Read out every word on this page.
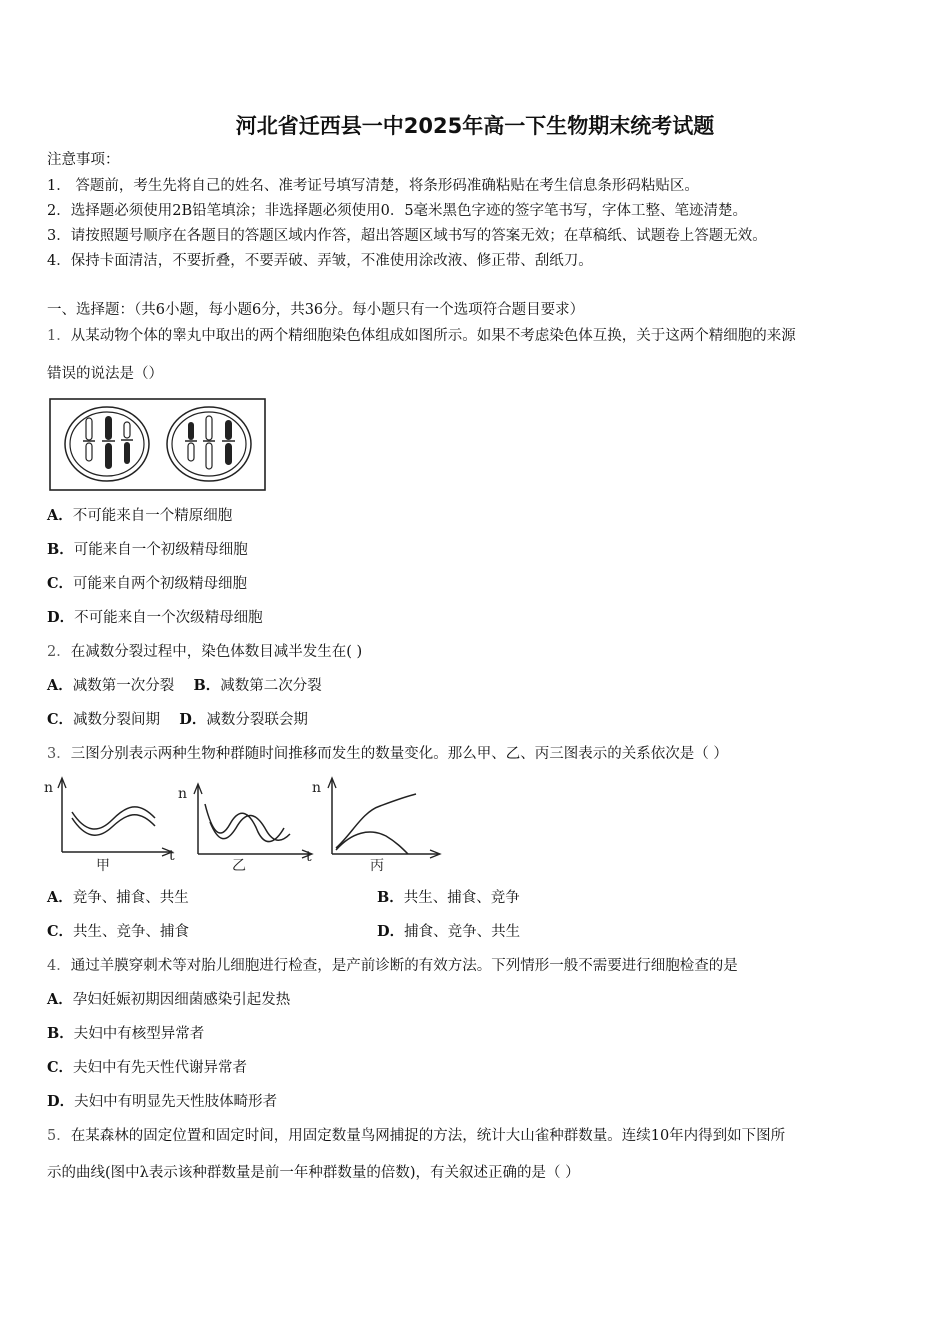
河北省迁西县一中2025年高一下生物期末统考试题
注意事项：
1． 答题前，考生先将自己的姓名、准考证号填写清楚，将条形码准确粘贴在考生信息条形码粘贴区。
2．选择题必须使用2B铅笔填涂；非选择题必须使用0．5毫米黑色字迹的签字笔书写，字体工整、笔迹清楚。
3．请按照题号顺序在各题目的答题区域内作答，超出答题区域书写的答案无效；在草稿纸、试题卷上答题无效。
4．保持卡面清洁，不要折叠，不要弄破、弄皱，不准使用涂改液、修正带、刮纸刀。
一、选择题：（共6小题，每小题6分，共36分。每小题只有一个选项符合题目要求）
1．从某动物个体的睾丸中取出的两个精细胞染色体组成如图所示。如果不考虑染色体互换，关于这两个精细胞的来源
错误的说法是（）
A．不可能来自一个精原细胞
B．可能来自一个初级精母细胞
C．可能来自两个初级精母细胞
D．不可能来自一个次级精母细胞
2．在减数分裂过程中，染色体数目减半发生在( )
A．减数第一次分裂 B．减数第二次分裂
C．减数分裂间期 D．减数分裂联会期
3．三图分别表示两种生物种群随时间推移而发生的数量变化。那么甲、乙、丙三图表示的关系依次是（ ）
n
t
甲
n
t
乙
n
丙
A．竞争、捕食、共生	B．共生、捕食、竞争
C．共生、竞争、捕食	D．捕食、竞争、共生
4．通过羊膜穿刺术等对胎儿细胞进行检查，是产前诊断的有效方法。下列情形一般不需要进行细胞检查的是
A．孕妇妊娠初期因细菌感染引起发热
B．夫妇中有核型异常者
C．夫妇中有先天性代谢异常者
D．夫妇中有明显先天性肢体畸形者
5．在某森林的固定位置和固定时间，用固定数量鸟网捕捉的方法，统计大山雀种群数量。连续10年内得到如下图所
示的曲线(图中λ表示该种群数量是前一年种群数量的倍数)，有关叙述正确的是（ ）
